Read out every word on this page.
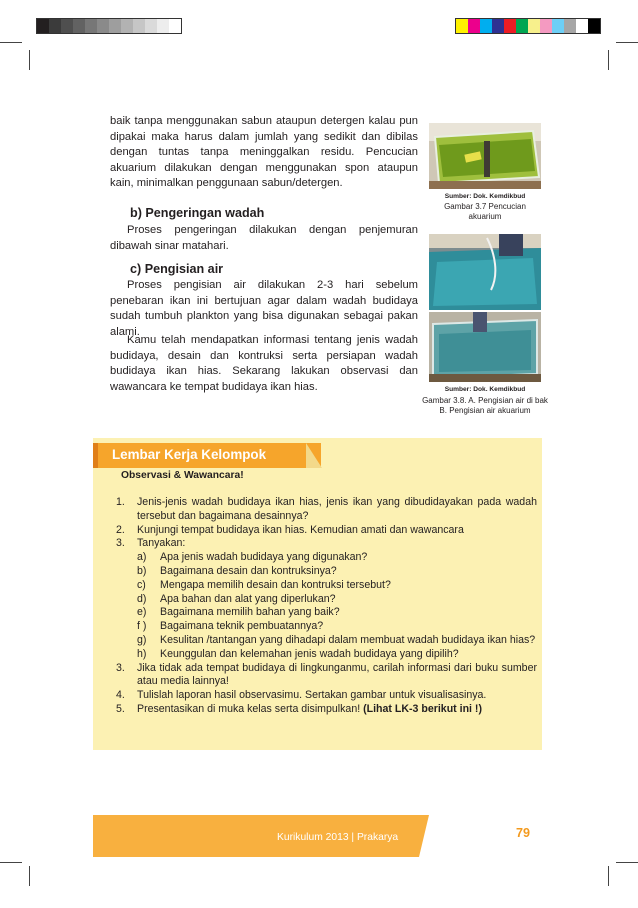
baik tanpa menggunakan sabun ataupun detergen kalau pun dipakai maka harus dalam jumlah yang sedikit dan dibilas dengan tuntas tanpa meninggalkan residu. Pencucian akuarium dilakukan dengan menggunakan spon ataupun kain, minimalkan penggunaan sabun/detergen.

b) Pengeringan wadah

Proses pengeringan dilakukan dengan penjemuran dibawah sinar matahari.

c) Pengisian air

Proses pengisian air dilakukan 2-3 hari sebelum penebaran ikan ini bertujuan agar dalam wadah budidaya sudah tumbuh plankton yang bisa digunakan sebagai pakan alami.

Kamu telah mendapatkan informasi tentang jenis wadah budidaya, desain dan kontruksi serta persiapan wadah budidaya ikan hias. Sekarang lakukan observasi dan wawancara ke tempat budidaya ikan hias.

Sumber: Dok. Kemdikbud
Gambar 3.7 Pencucian akuarium
Sumber: Dok. Kemdikbud
Gambar 3.8. A. Pengisian air di bak
B. Pengisian air akuarium
Lembar Kerja Kelompok
Observasi & Wawancara!
1. Jenis-jenis wadah budidaya ikan hias, jenis ikan yang dibudidayakan pada wadah tersebut dan bagaimana desainnya?
2. Kunjungi tempat budidaya ikan hias. Kemudian amati dan wawancara
3. Tanyakan:
a) Apa jenis wadah budidaya yang digunakan?
b) Bagaimana desain dan kontruksinya?
c) Mengapa memilih desain dan kontruksi tersebut?
d) Apa bahan dan alat yang diperlukan?
e) Bagaimana memilih bahan yang baik?
f ) Bagaimana teknik pembuatannya?
g) Kesulitan /tantangan yang dihadapi dalam membuat wadah budidaya ikan hias?
h) Keunggulan dan kelemahan jenis wadah budidaya yang dipilih?
3. Jika tidak ada tempat budidaya di lingkunganmu, carilah informasi dari buku sumber atau media lainnya!
4. Tulislah laporan hasil observasimu. Sertakan gambar untuk visualisasinya.
5. Presentasikan di muka kelas serta disimpulkan! (Lihat LK-3 berikut ini !)
Kurikulum 2013 | Prakarya	79
